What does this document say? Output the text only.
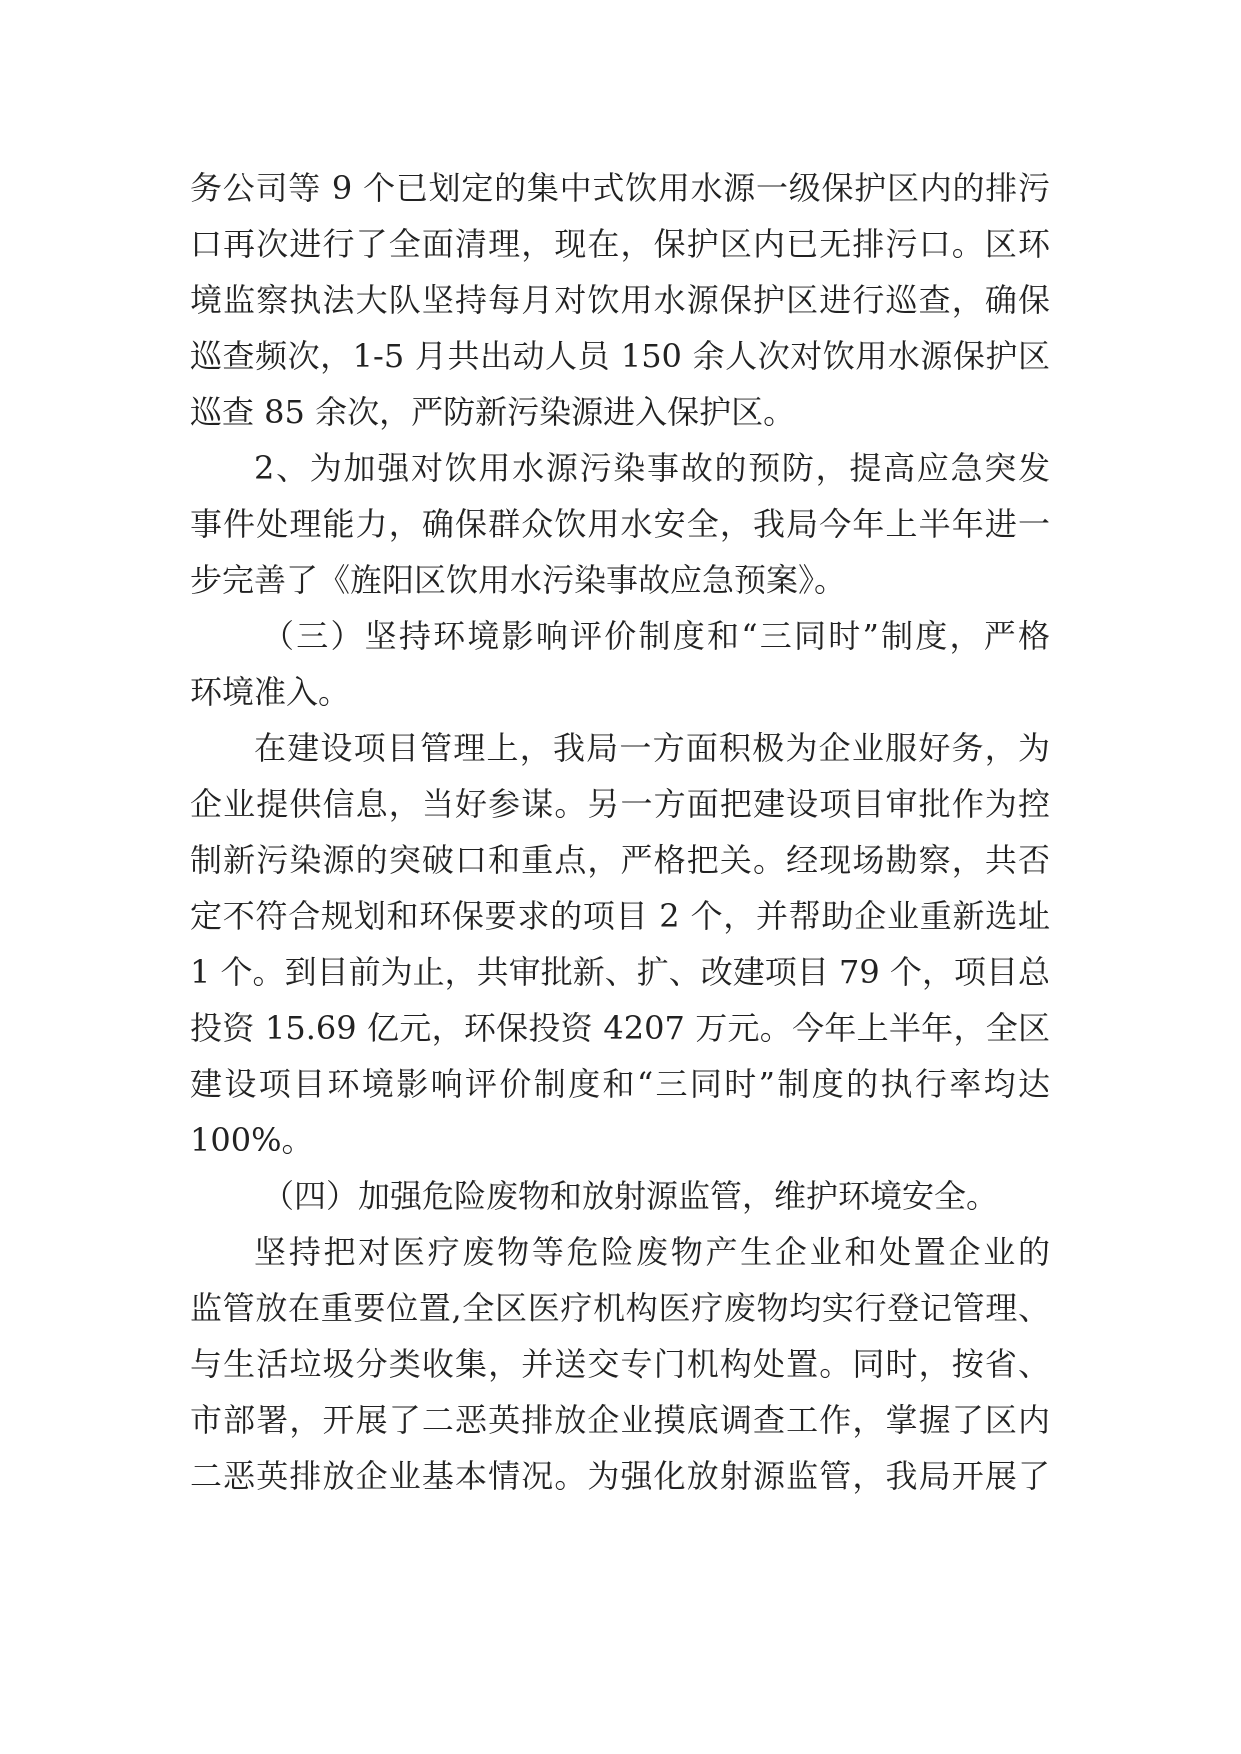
务公司等 9 个已划定的集中式饮用水源一级保护区内的排污
口再次进行了全面清理，现在，保护区内已无排污口。区环
境监察执法大队坚持每月对饮用水源保护区进行巡查，确保
巡查频次，1-5 月共出动人员 150 余人次对饮用水源保护区
巡查 85 余次，严防新污染源进入保护区。
2、为加强对饮用水源污染事故的预防，提高应急突发
事件处理能力，确保群众饮用水安全，我局今年上半年进一
步完善了《旌阳区饮用水污染事故应急预案》。
（三）坚持环境影响评价制度和“三同时”制度，严格
环境准入。
在建设项目管理上，我局一方面积极为企业服好务，为
企业提供信息，当好参谋。另一方面把建设项目审批作为控
制新污染源的突破口和重点，严格把关。经现场勘察，共否
定不符合规划和环保要求的项目 2 个，并帮助企业重新选址
1 个。到目前为止，共审批新、扩、改建项目 79 个，项目总
投资 15.69 亿元，环保投资 4207 万元。今年上半年，全区
建设项目环境影响评价制度和“三同时”制度的执行率均达
100%。
（四）加强危险废物和放射源监管，维护环境安全。
坚持把对医疗废物等危险废物产生企业和处置企业的
监管放在重要位置,全区医疗机构医疗废物均实行登记管理、
与生活垃圾分类收集，并送交专门机构处置。同时，按省、
市部署，开展了二恶英排放企业摸底调查工作，掌握了区内
二恶英排放企业基本情况。为强化放射源监管，我局开展了
